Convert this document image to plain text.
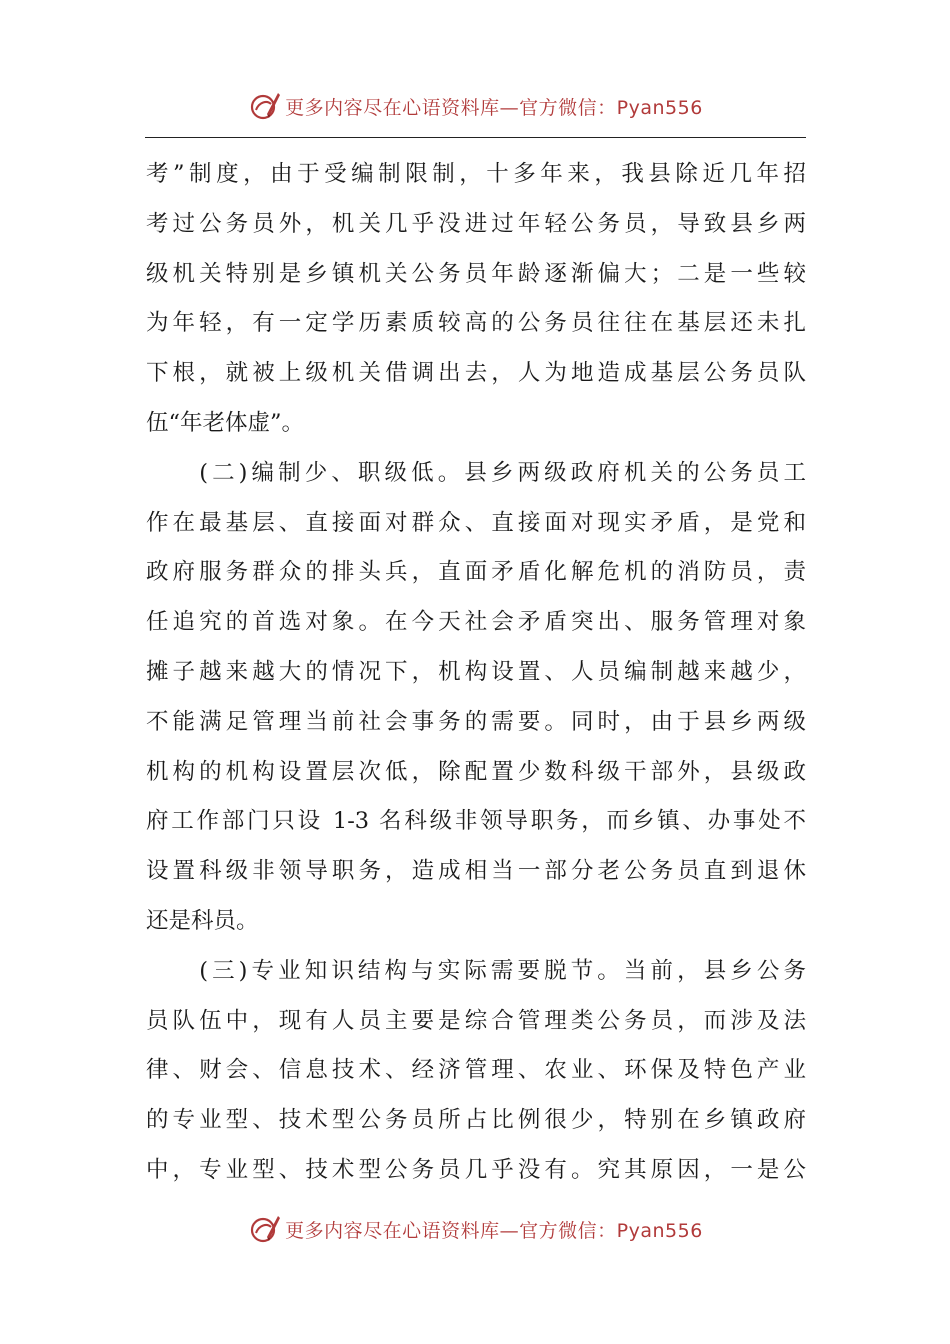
更多内容尽在心语资料库—官方微信：Pyan556
考”制度，由于受编制限制，十多年来，我县除近几年招
考过公务员外，机关几乎没进过年轻公务员，导致县乡两
级机关特别是乡镇机关公务员年龄逐渐偏大；二是一些较
为年轻，有一定学历素质较高的公务员往往在基层还未扎
下根，就被上级机关借调出去，人为地造成基层公务员队
伍“年老体虚”。
　　(二)编制少、职级低。县乡两级政府机关的公务员工
作在最基层、直接面对群众、直接面对现实矛盾，是党和
政府服务群众的排头兵，直面矛盾化解危机的消防员，责
任追究的首选对象。在今天社会矛盾突出、服务管理对象
摊子越来越大的情况下，机构设置、人员编制越来越少，
不能满足管理当前社会事务的需要。同时，由于县乡两级
机构的机构设置层次低，除配置少数科级干部外，县级政
府工作部门只设 1-3 名科级非领导职务，而乡镇、办事处不
设置科级非领导职务，造成相当一部分老公务员直到退休
还是科员。
　　(三)专业知识结构与实际需要脱节。当前，县乡公务
员队伍中，现有人员主要是综合管理类公务员，而涉及法
律、财会、信息技术、经济管理、农业、环保及特色产业
的专业型、技术型公务员所占比例很少，特别在乡镇政府
中，专业型、技术型公务员几乎没有。究其原因，一是公
更多内容尽在心语资料库—官方微信：Pyan556
